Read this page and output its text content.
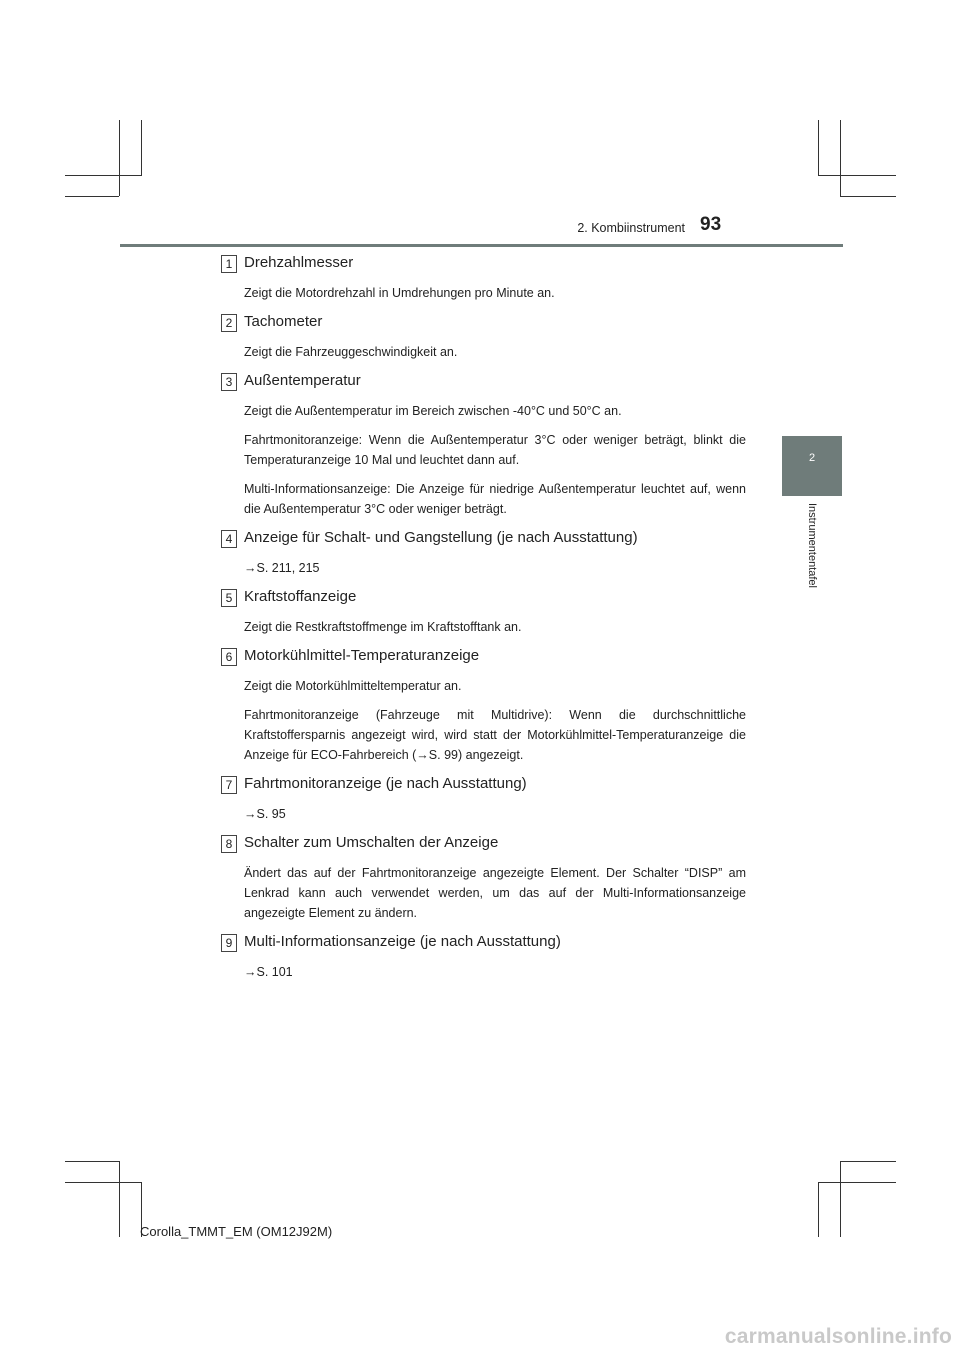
2. Kombiinstrument 93
2
Instrumententafel
1 Drehzahlmesser

Zeigt die Motordrehzahl in Umdrehungen pro Minute an.

2 Tachometer

Zeigt die Fahrzeuggeschwindigkeit an.

3 Außentemperatur

Zeigt die Außentemperatur im Bereich zwischen -40°C und 50°C an.

Fahrtmonitoranzeige: Wenn die Außentemperatur 3°C oder weniger beträgt, blinkt die Temperaturanzeige 10 Mal und leuchtet dann auf.

Multi-Informationsanzeige: Die Anzeige für niedrige Außentemperatur leuchtet auf, wenn die Außentemperatur 3°C oder weniger beträgt.

4 Anzeige für Schalt- und Gangstellung (je nach Ausstattung)

→S. 211, 215

5 Kraftstoffanzeige

Zeigt die Restkraftstoffmenge im Kraftstofftank an.

6 Motorkühlmittel-Temperaturanzeige

Zeigt die Motorkühlmitteltemperatur an.

Fahrtmonitoranzeige (Fahrzeuge mit Multidrive): Wenn die durchschnittliche Kraftstoffersparnis angezeigt wird, wird statt der Motorkühlmittel-Temperaturanzeige die Anzeige für ECO-Fahrbereich (→S. 99) angezeigt.

7 Fahrtmonitoranzeige (je nach Ausstattung)

→S. 95

8 Schalter zum Umschalten der Anzeige

Ändert das auf der Fahrtmonitoranzeige angezeigte Element. Der Schalter “DISP” am Lenkrad kann auch verwendet werden, um das auf der Multi-Informationsanzeige angezeigte Element zu ändern.

9 Multi-Informationsanzeige (je nach Ausstattung)

→S. 101

Corolla_TMMT_EM (OM12J92M)
carmanualsonline.info
